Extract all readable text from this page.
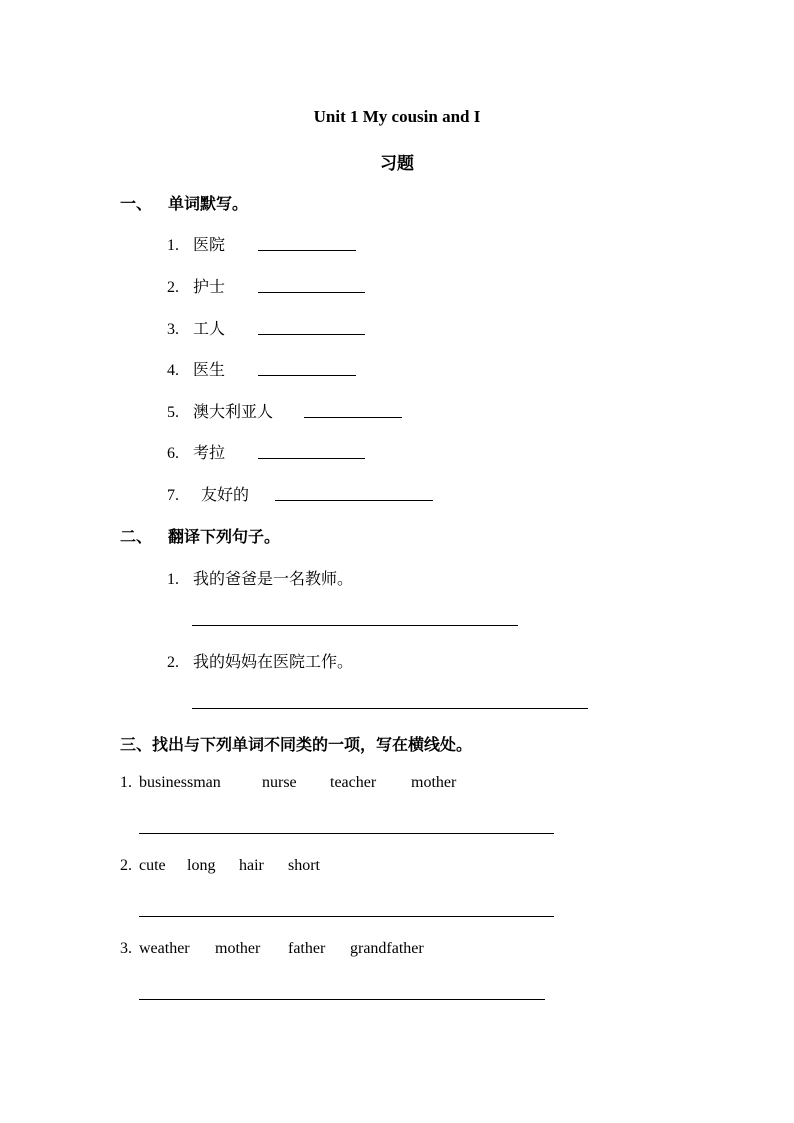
Unit 1 My cousin and I
习题
一、 单词默写。
1. 医院
2. 护士
3. 工人
4. 医生
5. 澳大利亚人
6. 考拉
7. 友好的
二、 翻译下列句子。
1. 我的爸爸是一名教师。
2. 我的妈妈在医院工作。
三、找出与下列单词不同类的一项，写在横线处。
1. businessman	nurse teacher mother
2. cute long hair short
3. weather mother father grandfather
